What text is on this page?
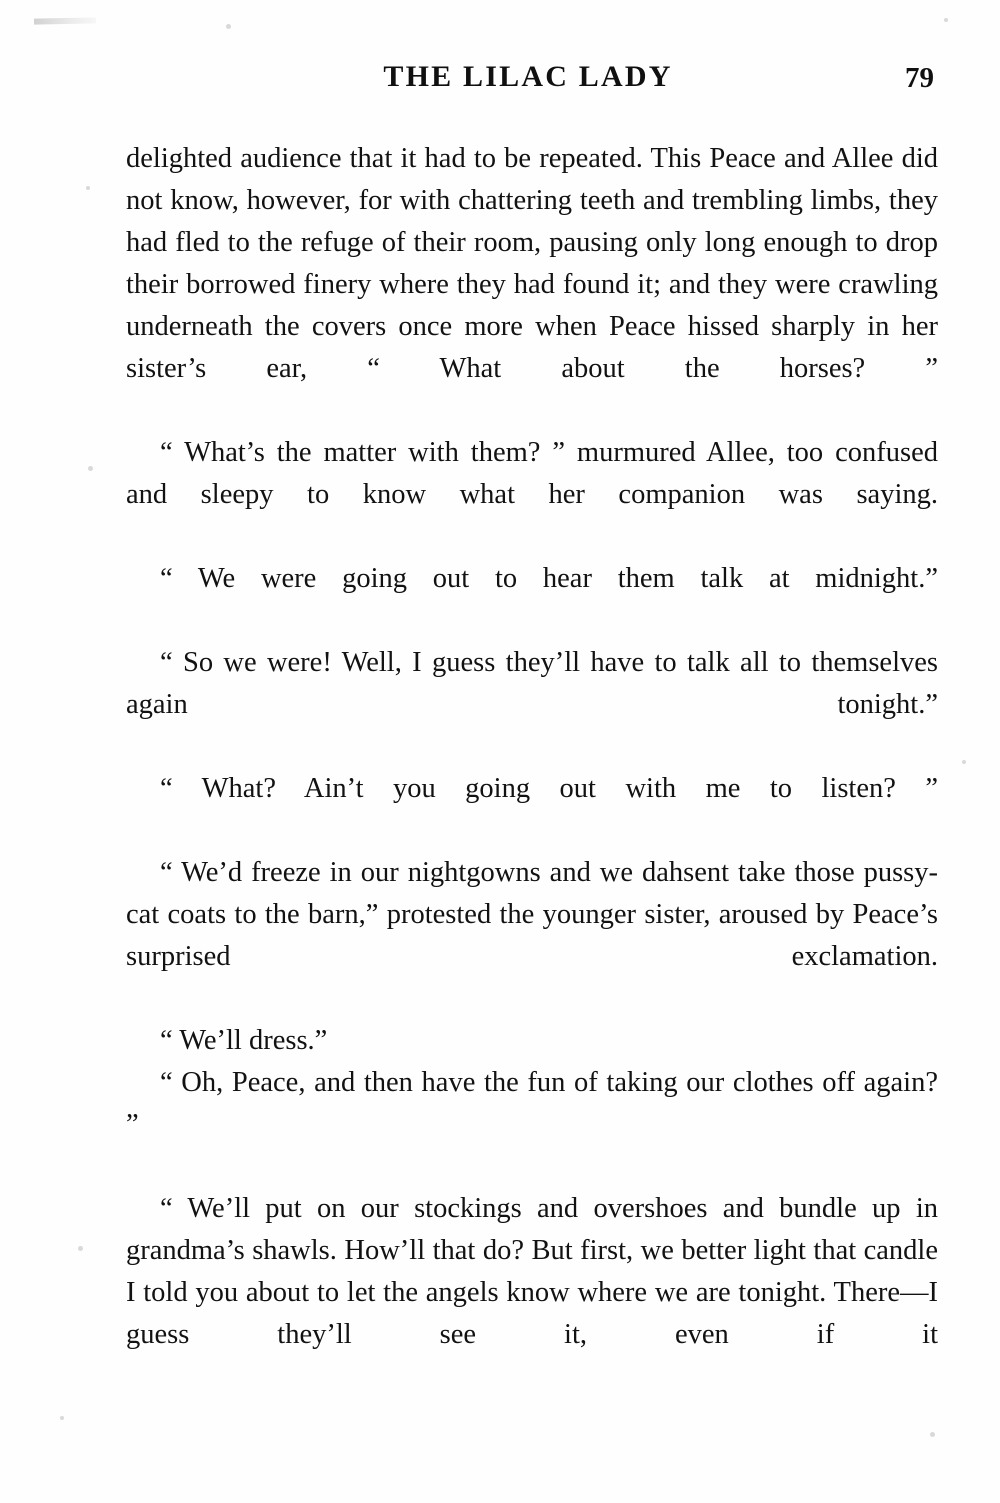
THE LILAC LADY	79

delighted audience that it had to be repeated. This Peace and Allee did not know, however, for with chattering teeth and trembling limbs, they had fled to the refuge of their room, pausing only long enough to drop their borrowed finery where they had found it; and they were crawling underneath the covers once more when Peace hissed sharply in her sister’s ear, “ What about the horses? ”

“ What’s the matter with them? ” murmured Allee, too confused and sleepy to know what her companion was saying.

“ We were going out to hear them talk at midnight.”

“ So we were! Well, I guess they’ll have to talk all to themselves again tonight.”

“ What? Ain’t you going out with me to listen? ”

“ We’d freeze in our nightgowns and we dahsent take those pussy-cat coats to the barn,” protested the younger sister, aroused by Peace’s surprised exclamation.

“ We’ll dress.”

“ Oh, Peace, and then have the fun of taking our clothes off again? ”

“ We’ll put on our stockings and overshoes and bundle up in grandma’s shawls. How’ll that do? But first, we better light that candle I told you about to let the angels know where we are tonight. There—I guess they’ll see it, even if it
